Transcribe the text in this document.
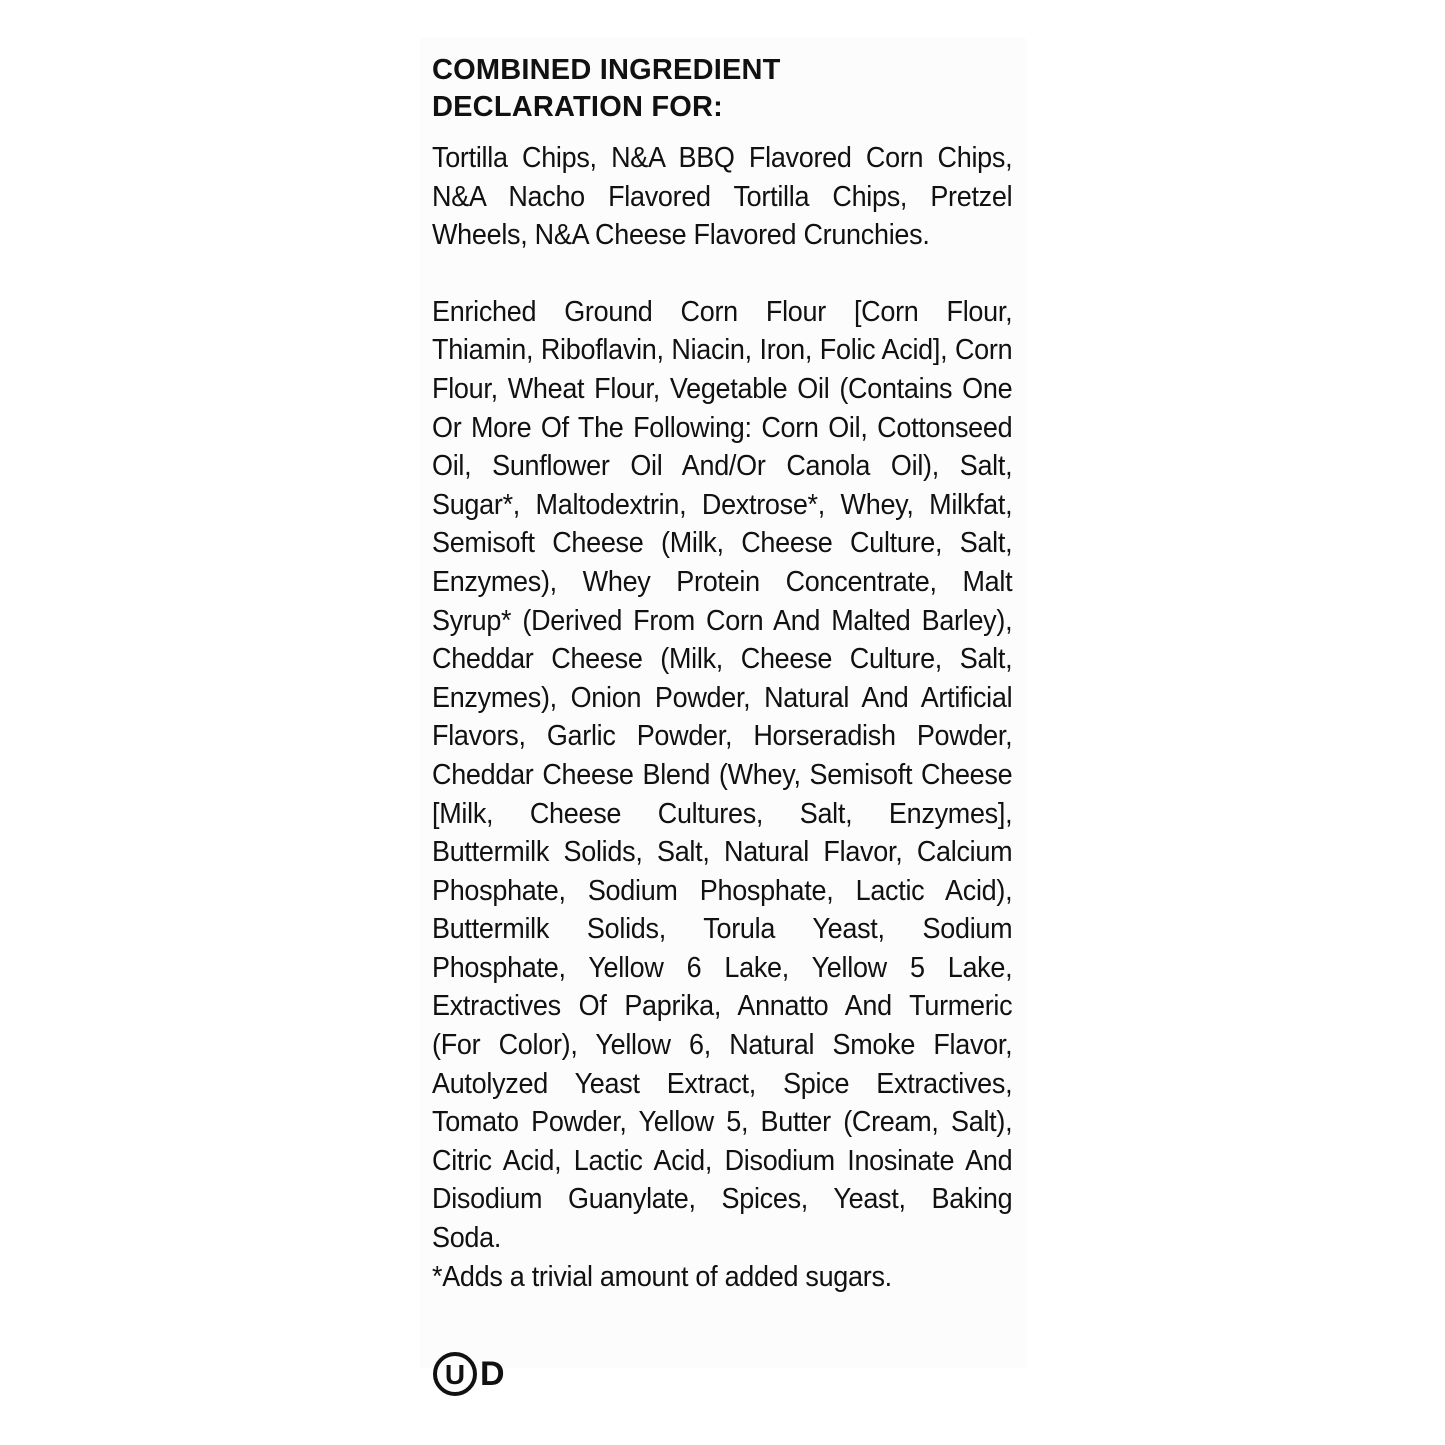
COMBINED INGREDIENT
DECLARATION FOR:

Tortilla Chips, N&A BBQ Flavored Corn Chips, N&A Nacho Flavored Tortilla Chips, Pretzel Wheels, N&A Cheese Flavored Crunchies.

Enriched Ground Corn Flour [Corn Flour, Thiamin, Riboflavin, Niacin, Iron, Folic Acid], Corn Flour, Wheat Flour, Vegetable Oil (Contains One Or More Of The Following: Corn Oil, Cottonseed Oil, Sunflower Oil And/Or Canola Oil), Salt, Sugar*, Maltodextrin, Dextrose*, Whey, Milkfat, Semisoft Cheese (Milk, Cheese Culture, Salt, Enzymes), Whey Protein Concentrate, Malt Syrup* (Derived From Corn And Malted Barley), Cheddar Cheese (Milk, Cheese Culture, Salt, Enzymes), Onion Powder, Natural And Artificial Flavors, Garlic Powder, Horseradish Powder, Cheddar Cheese Blend (Whey, Semisoft Cheese [Milk, Cheese Cultures, Salt, Enzymes], Buttermilk Solids, Salt, Natural Flavor, Calcium Phosphate, Sodium Phosphate, Lactic Acid), Buttermilk Solids, Torula Yeast, Sodium Phosphate, Yellow 6 Lake, Yellow 5 Lake, Extractives Of Paprika, Annatto And Turmeric (For Color), Yellow 6, Natural Smoke Flavor, Autolyzed Yeast Extract, Spice Extractives, Tomato Powder, Yellow 5, Butter (Cream, Salt), Citric Acid, Lactic Acid, Disodium Inosinate And Disodium Guanylate, Spices, Yeast, Baking Soda.

*Adds a trivial amount of added sugars.

U D
